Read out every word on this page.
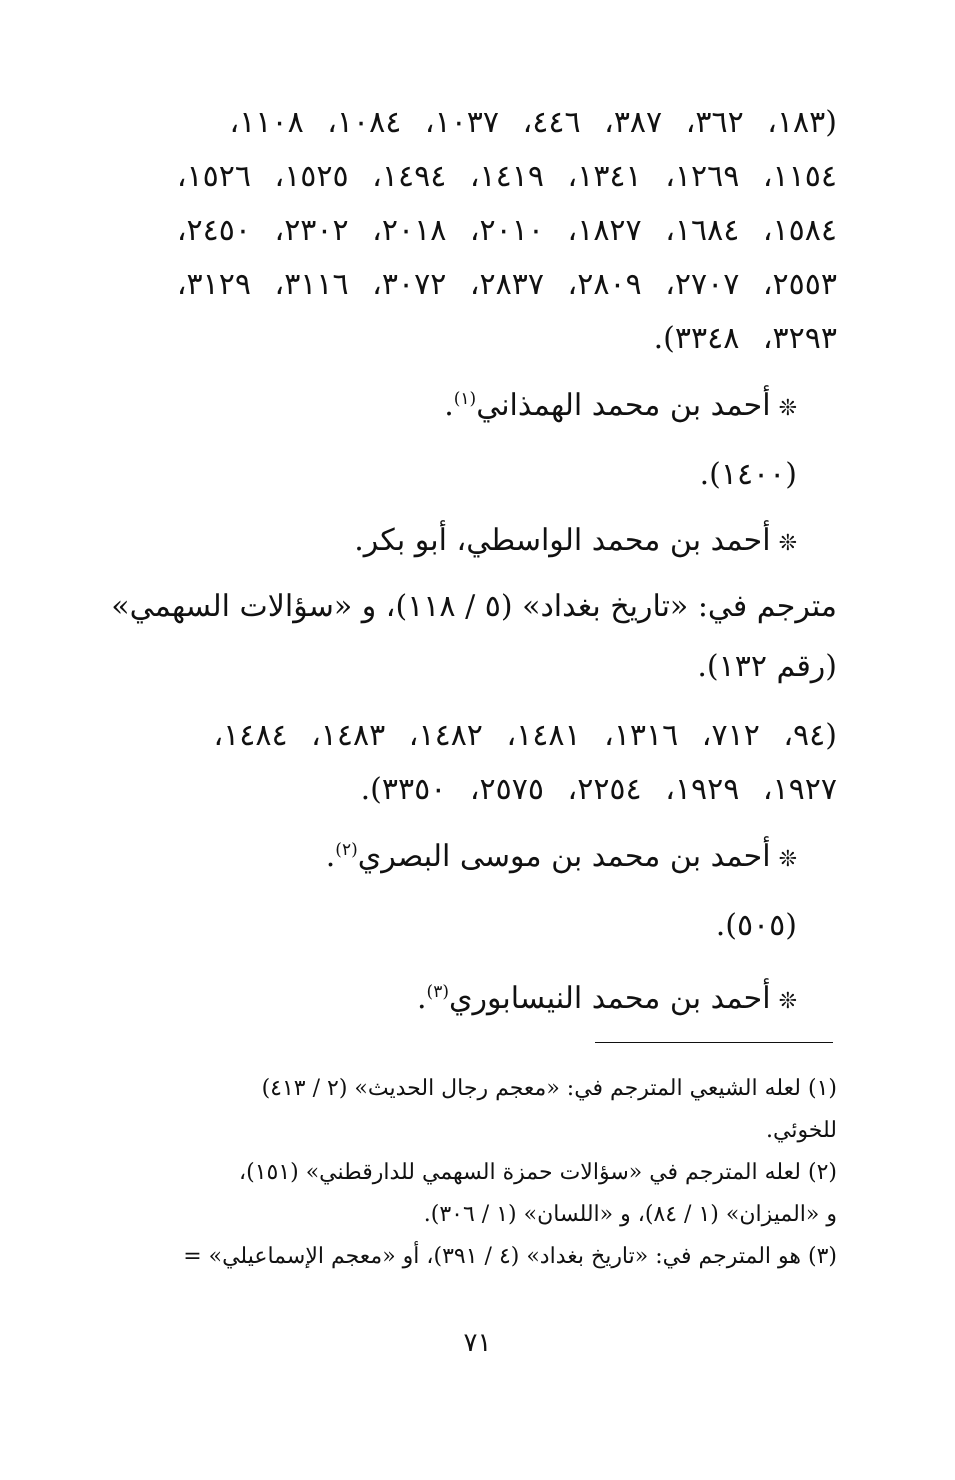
(١٨٣، ٣٦٢، ٣٨٧، ٤٤٦، ١٠٣٧، ١٠٨٤، ١١٠٨،
١١٥٤، ١٢٦٩، ١٣٤١، ١٤١٩، ١٤٩٤، ١٥٢٥، ١٥٢٦،
١٥٨٤، ١٦٨٤، ١٨٢٧، ٢٠١٠، ٢٠١٨، ٢٣٠٢، ٢٤٥٠،
٢٥٥٣، ٢٧٠٧، ٢٨٠٩، ٢٨٣٧، ٣٠٧٢، ٣١١٦، ٣١٢٩،
٣٢٩٣، ٣٣٤٨).
❊أحمد بن محمد الهمذاني$^{(١)}$.
(١٤٠٠).
❊أحمد بن محمد الواسطي، أبو بكر.
مترجم في: «تاريخ بغداد» (٥ / ١١٨)، و «سؤالات السهمي»
(رقم ١٣٢).
(٩٤، ٧١٢، ١٣١٦، ١٤٨١، ١٤٨٢، ١٤٨٣، ١٤٨٤،
١٩٢٧، ١٩٢٩، ٢٢٥٤، ٢٥٧٥، ٣٣٥٠).
❊أحمد بن محمد بن موسى البصري$^{(٢)}$.
(٥٠٥).
❊أحمد بن محمد النيسابوري$^{(٣)}$.
(١) لعله الشيعي المترجم في: «معجم رجال الحديث» (٢ / ٤١٣)
للخوئي.
(٢) لعله المترجم في «سؤالات حمزة السهمي للدارقطني» (١٥١)،
و «الميزان» (١ / ٨٤)، و «اللسان» (١ / ٣٠٦).
(٣) هو المترجم في: «تاريخ بغداد» (٤ / ٣٩١)، أو «معجم الإسماعيلي» =
٧١
